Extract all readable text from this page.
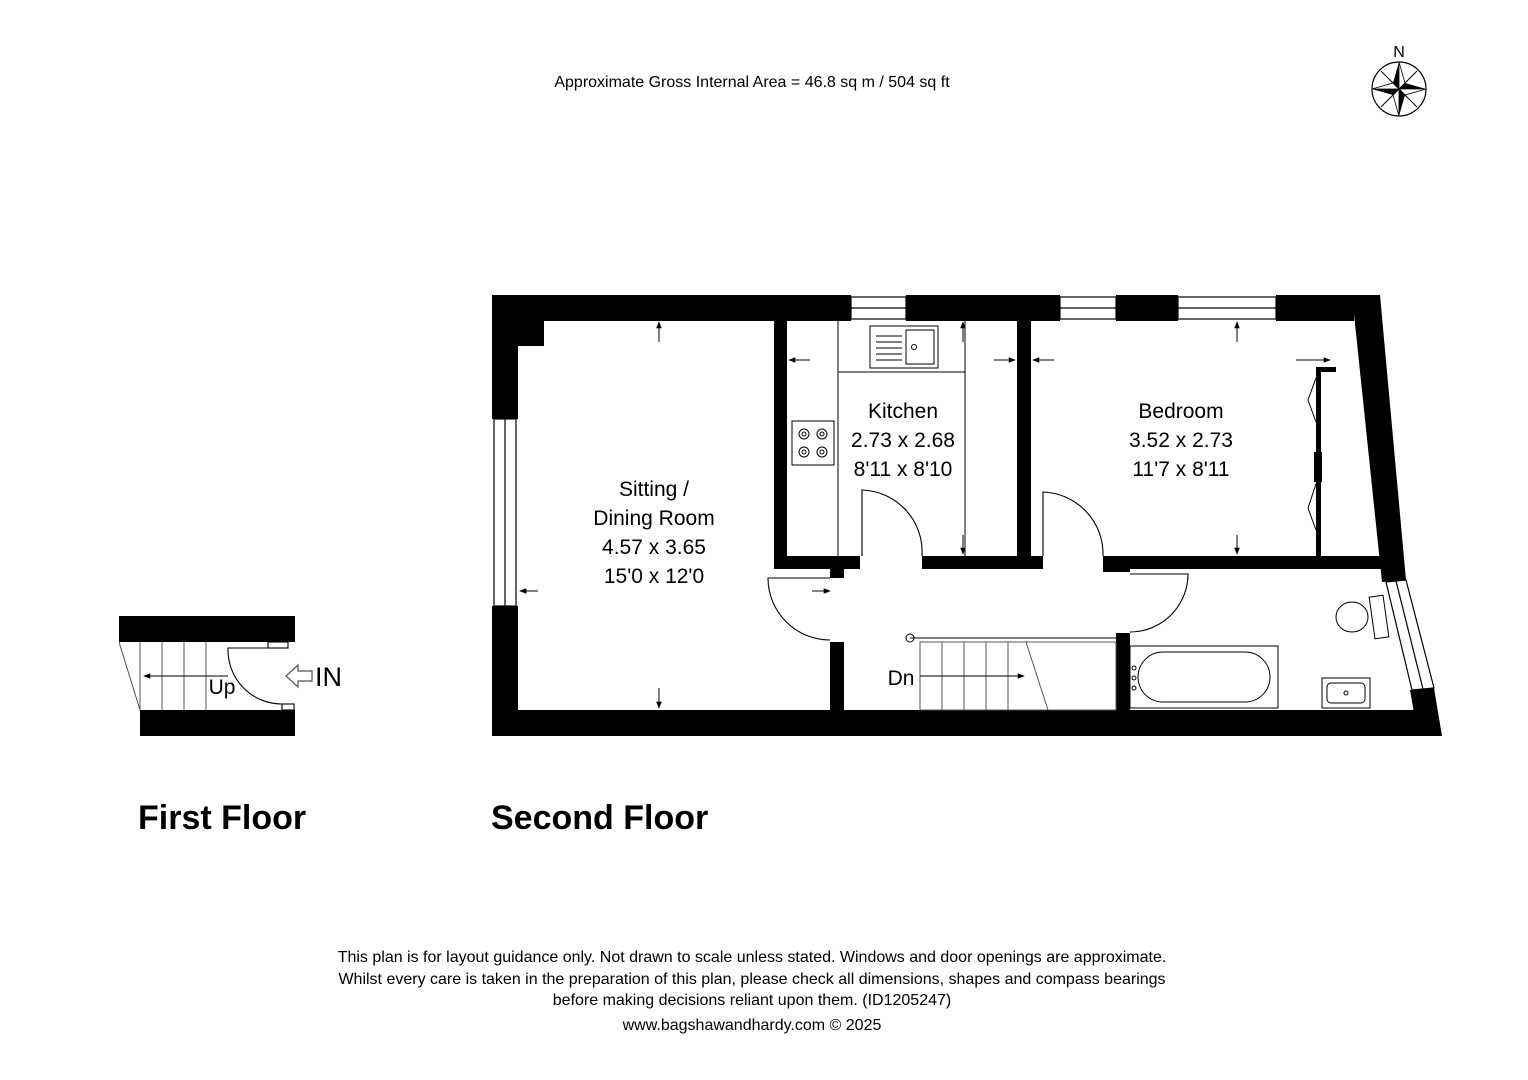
Approximate Gross Internal Area = 46.8 sq m / 504 sq ft
N
Sitting /
Dining Room
4.57 x 3.65
15'0 x 12'0
Kitchen
2.73 x 2.68
8'11 x 8'10
Bedroom
3.52 x 2.73
11'7 x 8'11
Dn
IN
Up
First Floor	Second Floor
This plan is for layout guidance only. Not drawn to scale unless stated. Windows and door openings are approximate.
Whilst every care is taken in the preparation of this plan, please check all dimensions, shapes and compass bearings
before making decisions reliant upon them. (ID1205247)
www.bagshawandhardy.com © 2025
